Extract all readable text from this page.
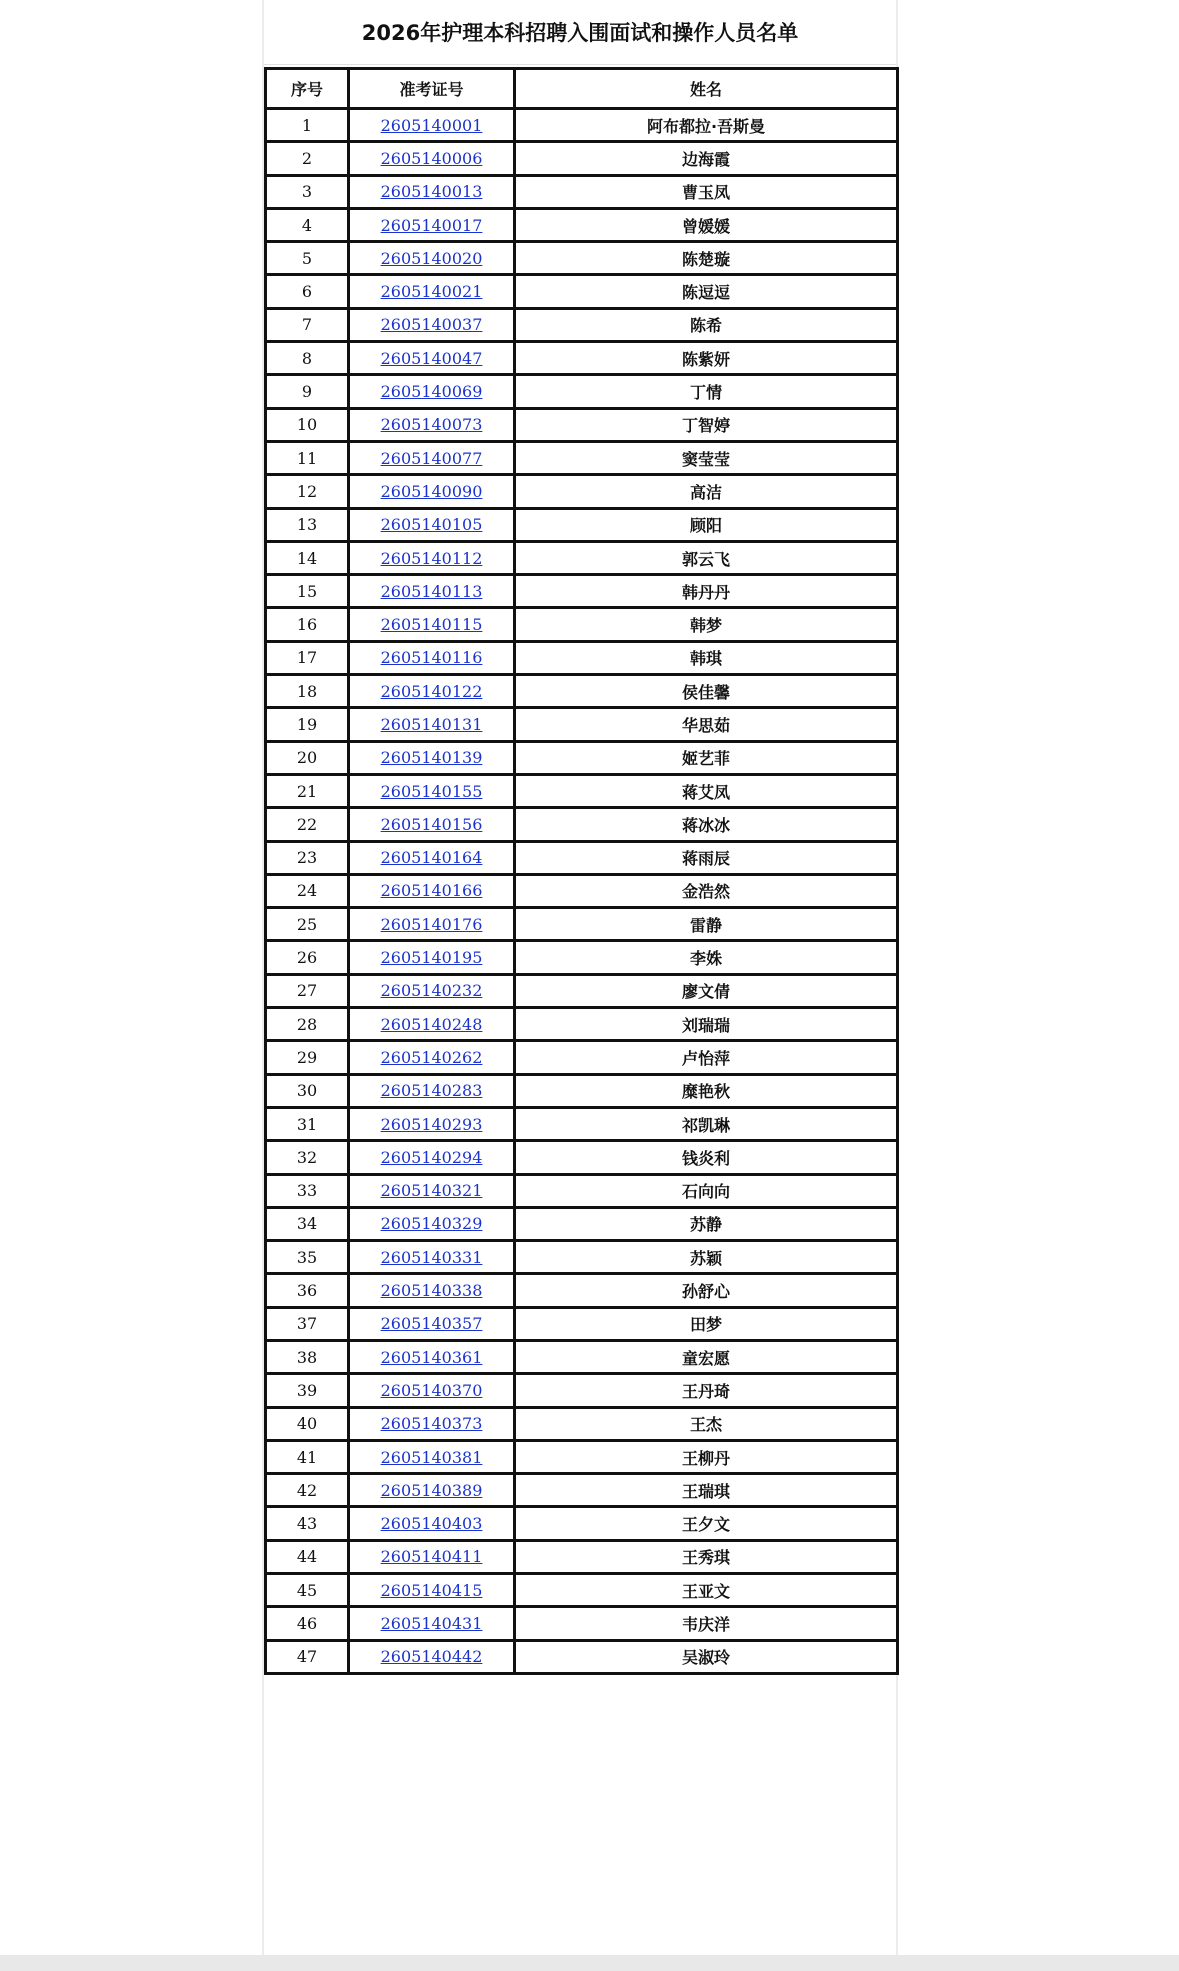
2026年护理本科招聘入围面试和操作人员名单
序号	准考证号	姓名
1	2605140001	阿布都拉·吾斯曼
2	2605140006	边海霞
3	2605140013	曹玉凤
4	2605140017	曾媛媛
5	2605140020	陈楚璇
6	2605140021	陈逗逗
7	2605140037	陈希
8	2605140047	陈紫妍
9	2605140069	丁情
10	2605140073	丁智婷
11	2605140077	窦莹莹
12	2605140090	高洁
13	2605140105	顾阳
14	2605140112	郭云飞
15	2605140113	韩丹丹
16	2605140115	韩梦
17	2605140116	韩琪
18	2605140122	侯佳馨
19	2605140131	华思茹
20	2605140139	姬艺菲
21	2605140155	蒋艾凤
22	2605140156	蒋冰冰
23	2605140164	蒋雨辰
24	2605140166	金浩然
25	2605140176	雷静
26	2605140195	李姝
27	2605140232	廖文倩
28	2605140248	刘瑞瑞
29	2605140262	卢怡萍
30	2605140283	糜艳秋
31	2605140293	祁凯琳
32	2605140294	钱炎利
33	2605140321	石向向
34	2605140329	苏静
35	2605140331	苏颖
36	2605140338	孙舒心
37	2605140357	田梦
38	2605140361	童宏愿
39	2605140370	王丹琦
40	2605140373	王杰
41	2605140381	王柳丹
42	2605140389	王瑞琪
43	2605140403	王夕文
44	2605140411	王秀琪
45	2605140415	王亚文
46	2605140431	韦庆洋
47	2605140442	吴淑玲
